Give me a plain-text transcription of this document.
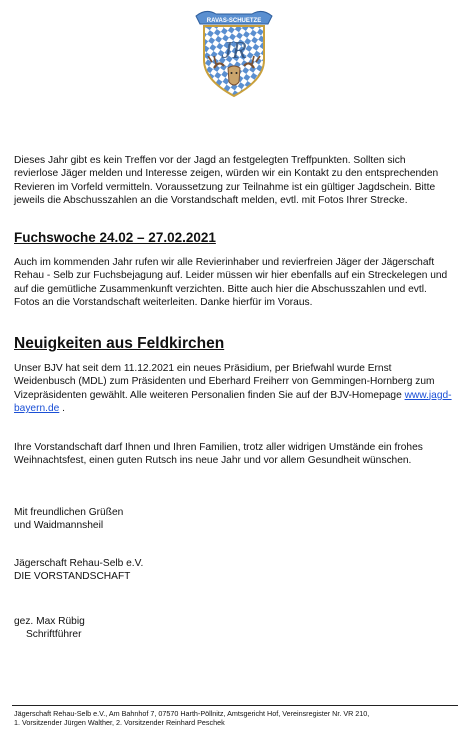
RAVAS-SCHUETZE
JR

Dieses Jahr gibt es kein Treffen vor der Jagd an festgelegten Treffpunkten. Sollten sich revierlose Jäger melden und Interesse zeigen, würden wir ein Kontakt zu den entsprechenden Revieren im Vorfeld vermitteln. Voraussetzung zur Teilnahme ist ein gültiger Jagdschein. Bitte jeweils die Abschusszahlen an die Vorstandschaft melden, evtl. mit Fotos Ihrer Strecke.

Fuchswoche 24.02 – 27.02.2021

Auch im kommenden Jahr rufen wir alle Revierinhaber und revierfreien Jäger der Jägerschaft Rehau - Selb zur Fuchsbejagung auf. Leider müssen wir hier ebenfalls auf ein Streckelegen und auf die gemütliche Zusammenkunft verzichten. Bitte auch hier die Abschusszahlen und evtl. Fotos an die Vorstandschaft weiterleiten. Danke hierfür im Voraus.

Neuigkeiten aus Feldkirchen

Unser BJV hat seit dem 11.12.2021 ein neues Präsidium, per Briefwahl wurde Ernst Weidenbusch (MDL) zum Präsidenten und Eberhard Freiherr von Gemmingen-Hornberg zum Vizepräsidenten gewählt. Alle weiteren Personalien finden Sie auf der BJV-Homepage www.jagd-bayern.de .

Ihre Vorstandschaft darf Ihnen und Ihren Familien, trotz aller widrigen Umstände ein frohes Weihnachtsfest, einen guten Rutsch ins neue Jahr und vor allem Gesundheit wünschen.

Mit freundlichen Grüßen
und Waidmannsheil

Jägerschaft Rehau-Selb e.V.
DIE VORSTANDSCHAFT

gez. Max Rübig
Schriftführer

Jägerschaft Rehau-Selb e.V., Am Bahnhof 7, 07570 Harth-Pöllnitz, Amtsgericht Hof, Vereinsregister Nr. VR 210,
1. Vorsitzender Jürgen Walther, 2. Vorsitzender Reinhard Peschek
